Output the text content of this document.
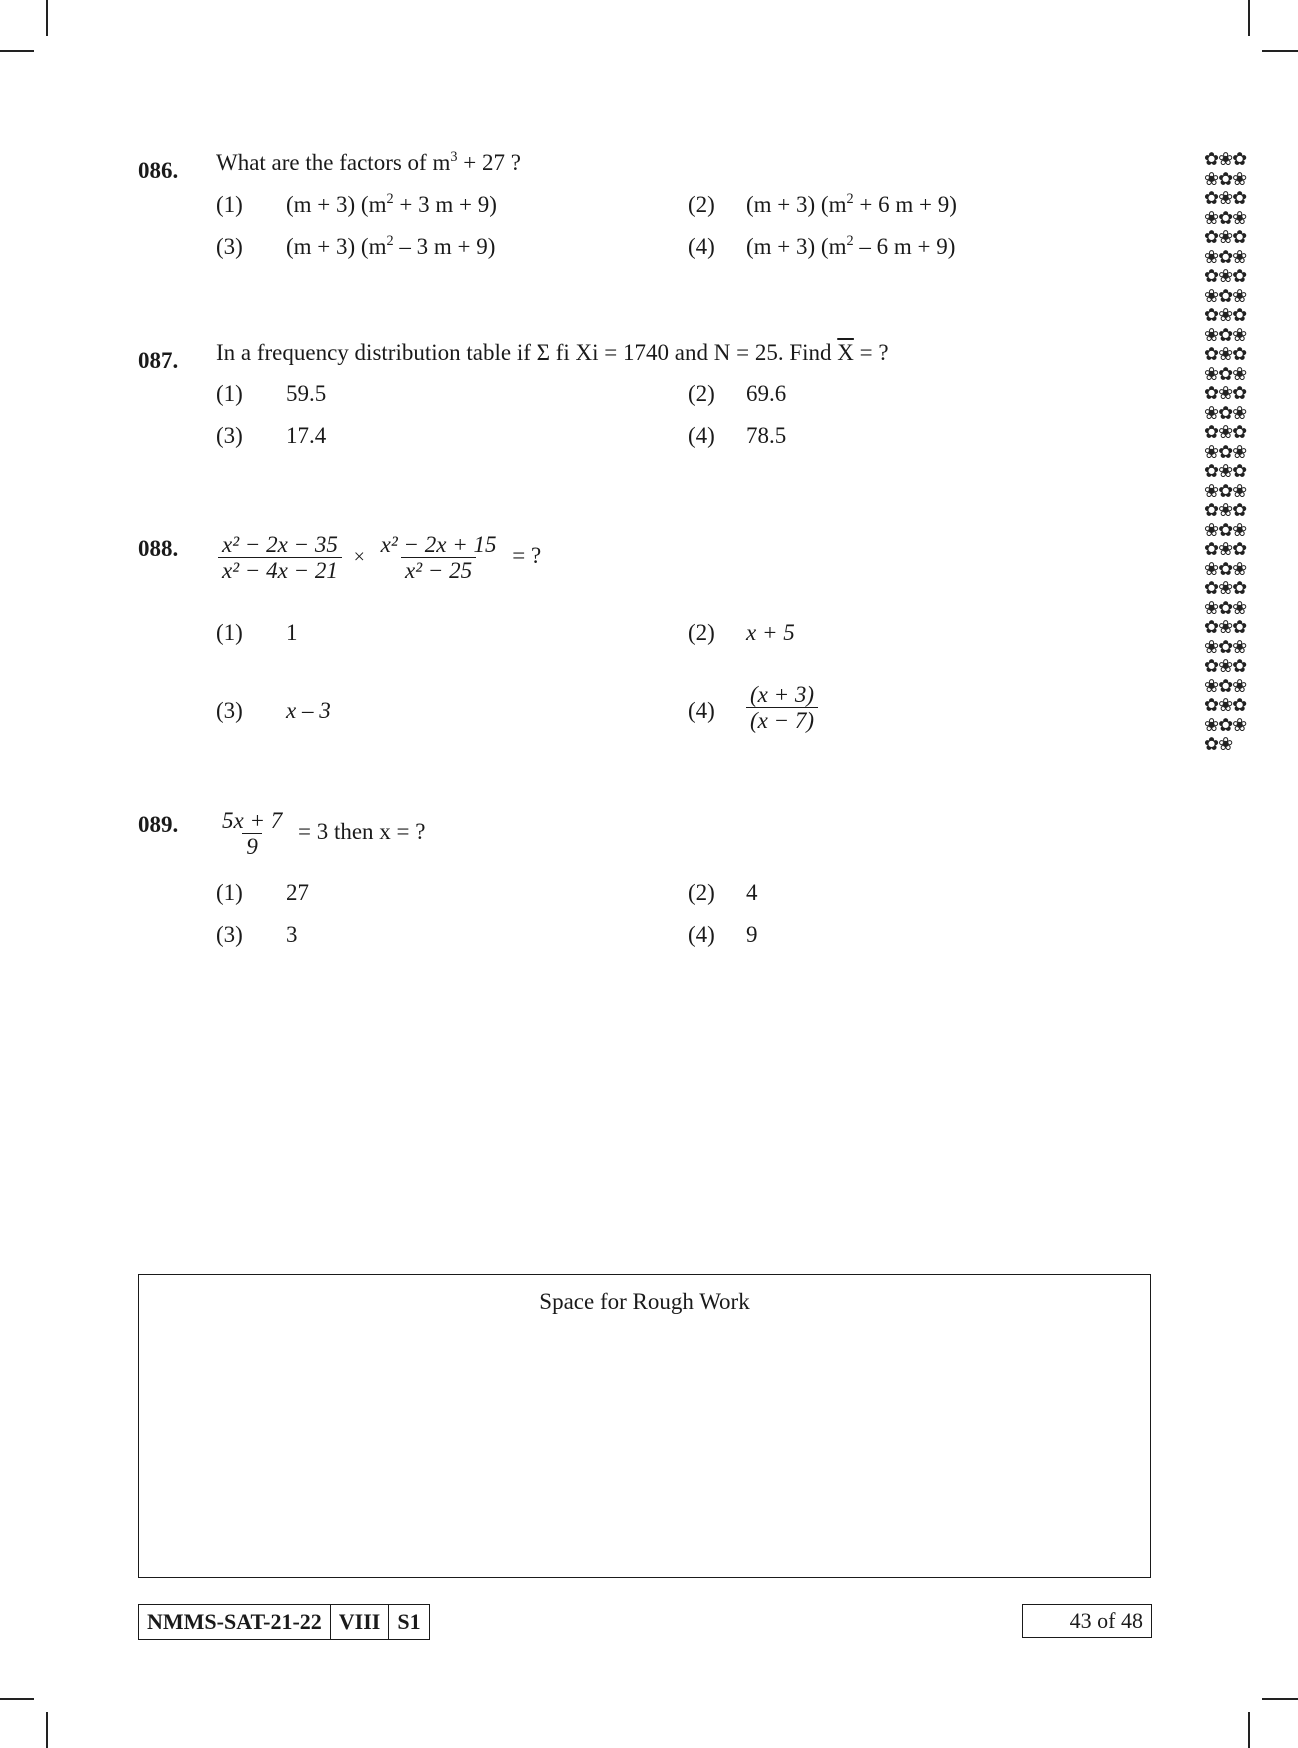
✿❀✿❀✿❀✿❀✿❀✿❀✿❀✿❀✿❀✿❀✿❀✿❀✿❀✿❀✿❀✿❀✿❀✿❀✿❀✿❀✿❀✿❀✿❀✿❀✿❀✿❀✿❀✿❀✿❀✿❀✿❀✿❀✿❀✿❀✿❀✿❀✿❀✿❀✿❀✿❀✿❀✿❀✿❀✿❀✿❀✿❀
086. What are the factors of $m^3 + 27$ ?
(1) (m + 3) ($m^2 + 3$ m + 9)	(2) (m + 3) ($m^2 + 6$ m + 9)
(3) (m + 3) ($m^2 - 3$ m + 9)	(4) (m + 3) ($m^2 - 6$ m + 9)
087. In a frequency distribution table if Σ fi Xi = 1740 and N = 25. Find $\overline{X}$ = ?
(1) 59.5	(2) 69.6
(3) 17.4	(4) 78.5
088. $\frac{\text{x² − 2x − 35}}{\text{x² − 4x − 21}} \times \frac{\text{x² − 2x + 15}}{\text{x² − 25}}$ = ?
(1) 1	(2) x + 5
(3) x – 3	$(4) \frac{(x + 3)}{(x - 7)}$
089. $\frac{5x + 7}{9} = 3$ then x = ?
(1) 27	(2) 4
(3) 3	(4) 9
Space for Rough Work
NMMS-SAT-21-22 VIII S1	43 of 48
